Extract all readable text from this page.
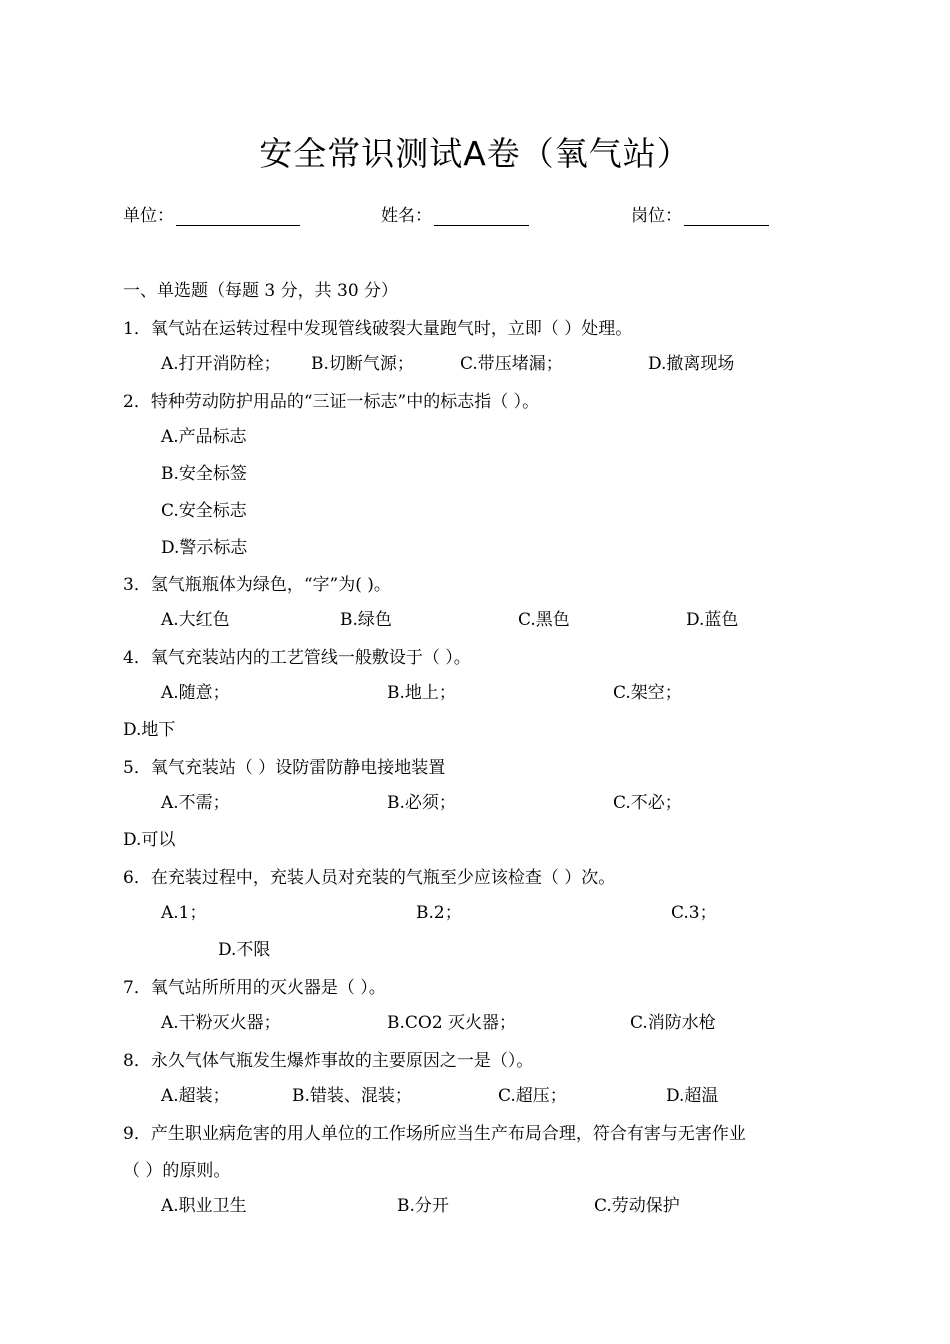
安全常识测试A卷（氧气站）
单位：	姓名：	岗位：
一、单选题（每题 3 分，共 30 分）
1．氧气站在运转过程中发现管线破裂大量跑气时，立即（ ）处理。
A.打开消防栓； B.切断气源；	C.带压堵漏；	D.撤离现场
2．特种劳动防护用品的“三证一标志”中的标志指（ ）。
A.产品标志
B.安全标签
C.安全标志
D.警示标志
3．氢气瓶瓶体为绿色，“字”为( )。
A.大红色	B.绿色	C.黑色	D.蓝色
4．氧气充装站内的工艺管线一般敷设于（ ）。
A.随意；	B.地上；	C.架空；
D.地下
5．氧气充装站（ ）设防雷防静电接地装置
A.不需；	B.必须；	C.不必；
D.可以
6．在充装过程中，充装人员对充装的气瓶至少应该检查（ ）次。
A.1；	B.2；	C.3；
D.不限
7．氧气站所所用的灭火器是（ ）。
A.干粉灭火器；	B.CO2 灭火器；	C.消防水枪
8．永久气体气瓶发生爆炸事故的主要原因之一是（）。
A.超装；	B.错装、混装；	C.超压；	D.超温
9．产生职业病危害的用人单位的工作场所应当生产布局合理，符合有害与无害作业
（ ）的原则。
A.职业卫生	B.分开	C.劳动保护
